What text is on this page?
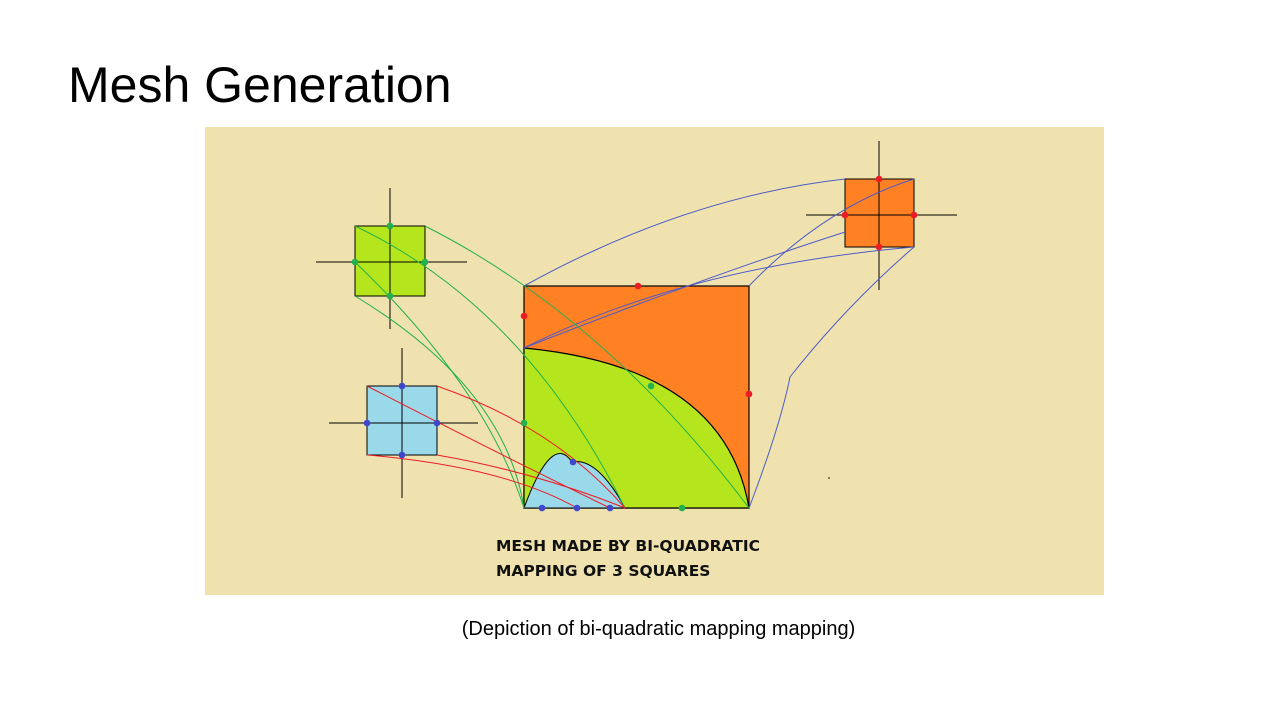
Mesh Generation
MESH MADE BY BI-QUADRATIC
MAPPING OF 3 SQUARES
(Depiction of bi-quadratic mapping mapping)
